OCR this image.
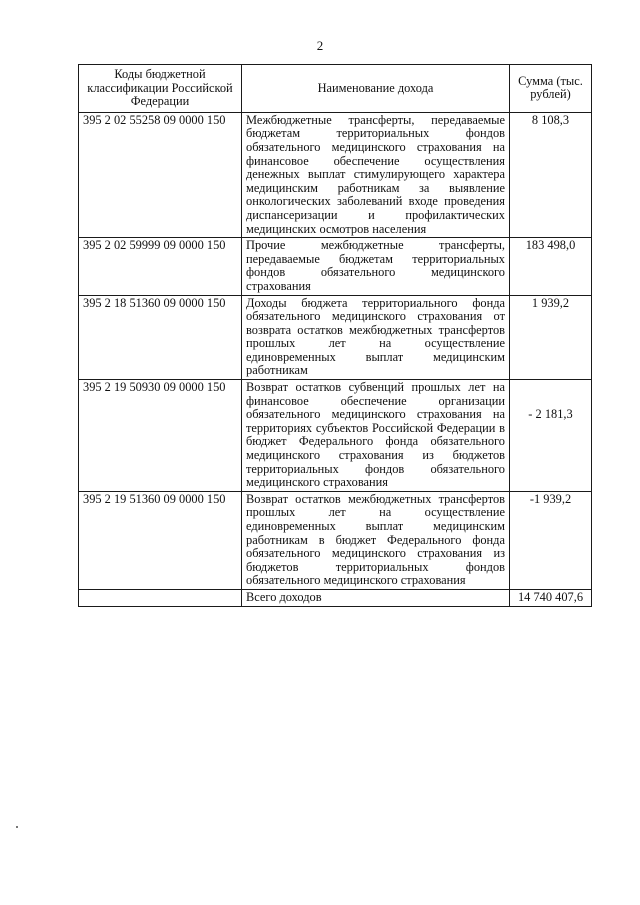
2
Коды бюджетной классификации Российской Федерации	Наименование дохода	Сумма (тыс. рублей)
395 2 02 55258 09 0000 150	Межбюджетные трансферты, передаваемые бюджетам территориальных фондов обязательного медицинского страхования на финансовое обеспечение осуществления денежных выплат стимулирующего характера медицинским работникам за выявление онкологических заболеваний входе проведения диспансеризации и профилактических медицинских осмотров населения	8 108,3
395 2 02 59999 09 0000 150	Прочие межбюджетные трансферты, передаваемые бюджетам территориальных фондов обязательного медицинского страхования	183 498,0
395 2 18 51360 09 0000 150	Доходы бюджета территориального фонда обязательного медицинского страхования от возврата остатков межбюджетных трансфертов прошлых лет на осуществление единовременных выплат медицинским работникам	1 939,2
395 2 19 50930 09 0000 150	Возврат остатков субвенций прошлых лет на финансовое обеспечение организации обязательного медицинского страхования на территориях субъектов Российской Федерации в бюджет Федерального фонда обязательного медицинского страхования из бюджетов территориальных фондов обязательного медицинского страхования	- 2 181,3
395 2 19 51360 09 0000 150	Возврат остатков межбюджетных трансфертов прошлых лет на осуществление единовременных выплат медицинским работникам в бюджет Федерального фонда обязательного медицинского страхования из бюджетов территориальных фондов обязательного медицинского страхования	-1 939,2
	Всего доходов	14 740 407,6
